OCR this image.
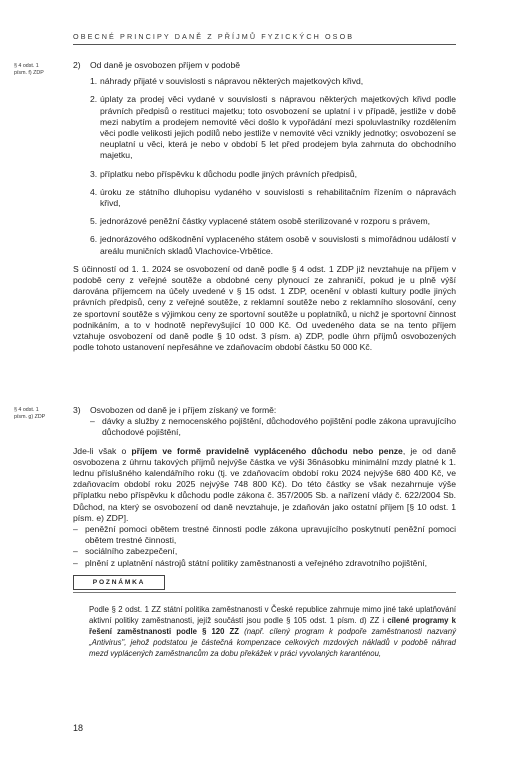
OBECNÉ PRINCIPY DANĚ Z PŘÍJMŮ FYZICKÝCH OSOB
§ 4 odst. 1
písm. f) ZDP
§ 4 odst. 1
písm. g) ZDP
2)	Od daně je osvobozen příjem v podobě
1. náhrady přijaté v souvislosti s nápravou některých majetkových křivd,
2. úplaty za prodej věci vydané v souvislosti s nápravou některých majetkových křivd podle právních předpisů o restituci majetku; toto osvobození se uplatní i v případě, jestliže v době mezi nabytím a prodejem nemovité věci došlo k vypořádání mezi spoluvlastníky rozdělením věci podle velikosti jejich podílů nebo jestliže v nemovité věci vznikly jednotky; osvobození se neuplatní u věci, která je nebo v období 5 let před prodejem byla zahrnuta do obchodního majetku,
3. příplatku nebo příspěvku k důchodu podle jiných právních předpisů,
4. úroku ze státního dluhopisu vydaného v souvislosti s rehabilitačním řízením o nápravách křivd,
5. jednorázové peněžní částky vyplacené státem osobě sterilizované v rozporu s právem,
6. jednorázového odškodnění vyplaceného státem osobě v souvislosti s mimořádnou událostí v areálu muničních skladů Vlachovice-Vrbětice.

S účinností od 1. 1. 2024 se osvobození od daně podle § 4 odst. 1 ZDP již nevztahuje na příjem v podobě ceny z veřejné soutěže a obdobné ceny plynoucí ze zahraničí, pokud je u plně výší darována příjemcem na účely uvedené v § 15 odst. 1 ZDP, ocenění v oblasti kultury podle jiných právních předpisů, ceny z veřejné soutěže, z reklamní soutěže nebo z reklamního slosování, ceny ze sportovní soutěže s výjimkou ceny ze sportovní soutěže u poplatníků, u nichž je sportovní činnost podnikáním, a to v hodnotě nepřevyšující 10 000 Kč. Od uvedeného data se na tento příjem vztahuje osvobození od daně podle § 10 odst. 3 písm. a) ZDP, podle úhrn příjmů osvobozených podle tohoto ustanovení nepřesáhne ve zdaňovacím období částku 50 000 Kč.

3)	Osvobozen od daně je i příjem získaný ve formě:
– dávky a služby z nemocenského pojištění, důchodového pojištění podle zákona upravujícího důchodové pojištění,

Jde-li však o příjem ve formě pravidelně vypláceného důchodu nebo penze, je od daně osvobozena z úhrnu takových příjmů nejvýše částka ve výši 36násobku minimální mzdy platné k 1. lednu příslušného kalendářního roku (tj. ve zdaňovacím období roku 2024 nejvýše 680 400 Kč, ve zdaňovacím období roku 2025 nejvýše 748 800 Kč). Do této částky se však nezahrnuje výše příplatku nebo příspěvku k důchodu podle zákona č. 357/2005 Sb. a nařízení vlády č. 622/2004 Sb. Důchod, na který se osvobození od daně nevztahuje, je zdaňován jako ostatní příjem [§ 10 odst. 1 písm. e) ZDP].

– peněžní pomoci obětem trestné činnosti podle zákona upravujícího poskytnutí peněžní pomoci obětem trestné činnosti,
– sociálního zabezpečení,
– plnění z uplatnění nástrojů státní politiky zaměstnanosti a veřejného zdravotního pojištění,
POZNÁMKA
Podle § 2 odst. 1 ZZ státní politika zaměstnanosti v České republice zahrnuje mimo jiné také uplatňování aktivní politiky zaměstnanosti, jejíž součástí jsou podle § 105 odst. 1 písm. d) ZZ i cílené programy k řešení zaměstnanosti podle § 120 ZZ (např. cílený program k podpoře zaměstnanosti nazvaný „Antivirus", jehož podstatou je částečná kompenzace celkových mzdových nákladů v podobě náhrad mezd vyplácených zaměstnancům za dobu překážek v práci vyvolaných karanténou,
18
